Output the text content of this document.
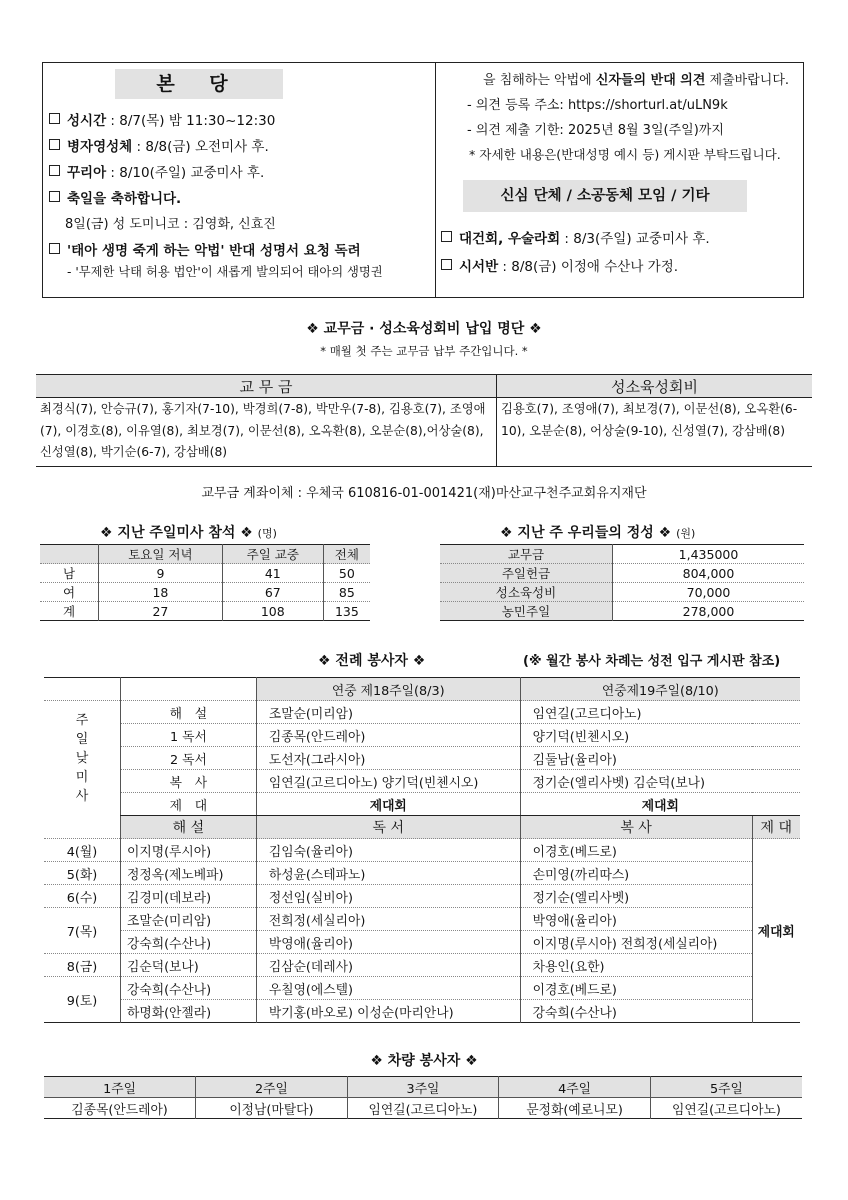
본 당
성시간 : 8/7(목) 밤 11:30~12:30
병자영성체 : 8/8(금) 오전미사 후.
꾸리아 : 8/10(주일) 교중미사 후.
축일을 축하합니다.
8일(금) 성 도미니코 : 김영화, 신효진
'태아 생명 죽게 하는 악법' 반대 성명서 요청 독려
- '무제한 낙태 허용 법안'이 새롭게 발의되어 태아의 생명권
을 침해하는 악법에 신자들의 반대 의견 제출바랍니다.
- 의견 등록 주소: https://shorturl.at/uLN9k
- 의견 제출 기한: 2025년 8월 3일(주일)까지
* 자세한 내용은(반대성명 예시 등) 게시판 부탁드립니다.
신심 단체 / 소공동체 모임 / 기타
대건회, 우술라회 : 8/3(주일) 교중미사 후.
시서반 : 8/8(금) 이정애 수산나 가정.
❖ 교무금 · 성소육성회비 납입 명단 ❖
* 매월 첫 주는 교무금 납부 주간입니다. *
교 무 금	성소육성회비
최경식(7), 안승규(7), 홍기자(7-10), 박경희(7-8), 박만우(7-8), 김용호(7), 조영애(7), 이경호(8), 이유열(8), 최보경(7), 이문선(8), 오옥환(8), 오분순(8),어상술(8), 신성열(8), 박기순(6-7), 강삼배(8)	김용호(7), 조영애(7), 최보경(7), 이문선(8), 오옥환(6-10), 오분순(8), 어상술(9-10), 신성열(7), 강삼배(8)
교무금 계좌이체 : 우체국 610816-01-001421(재)마산교구천주교회유지재단
❖ 지난 주일미사 참석 ❖ (명)
	토요일 저녁	주일 교중	전체
남	9	41	50
여	18	67	85
계	27	108	135
❖ 지난 주 우리들의 정성 ❖ (원)
교무금	1,435000
주일헌금	804,000
성소육성비	70,000
농민주일	278,000
❖ 전례 봉사자 ❖	(※ 월간 봉사 차례는 성전 입구 게시판 참조)
		연중 제18주일(8/3)	연중제19주일(8/10)	
주일낮미사	해　설	조말순(미리암)	임연길(고르디아노)	
	1 독서	김종목(안드레아)	양기덕(빈첸시오)	
	2 독서	도선자(그라시아)	김둘남(율리아)	
	복　사	임연길(고르디아노) 양기덕(빈첸시오)	정기순(엘리사벳) 김순덕(보나)	
	제　대	제대회	제대회	
	해 설	독 서	복 사	제 대
4(월)	이지명(루시아)	김임숙(율리아)	이경호(베드로)	제대회
5(화)	정정옥(제노베파)	하성윤(스테파노)	손미영(까리따스)	
6(수)	김경미(데보라)	정선임(실비아)	정기순(엘리사벳)	
7(목)	조말순(미리암)	전희정(세실리아)	박영애(율리아)	
	강숙희(수산나)	박영애(율리아)	이지명(루시아) 전희정(세실리아)	
8(금)	김순덕(보나)	김삼순(데레사)	차용인(요한)	
9(토)	강숙희(수산나)	우칠영(에스텔)	이경호(베드로)	
	하명화(안젤라)	박기홍(바오로) 이성순(마리안나)	강숙희(수산나)	
❖ 차량 봉사자 ❖
1주일	2주일	3주일	4주일	5주일
김종목(안드레아)	이정남(마탈다)	임연길(고르디아노)	문정화(예로니모)	임연길(고르디아노)
